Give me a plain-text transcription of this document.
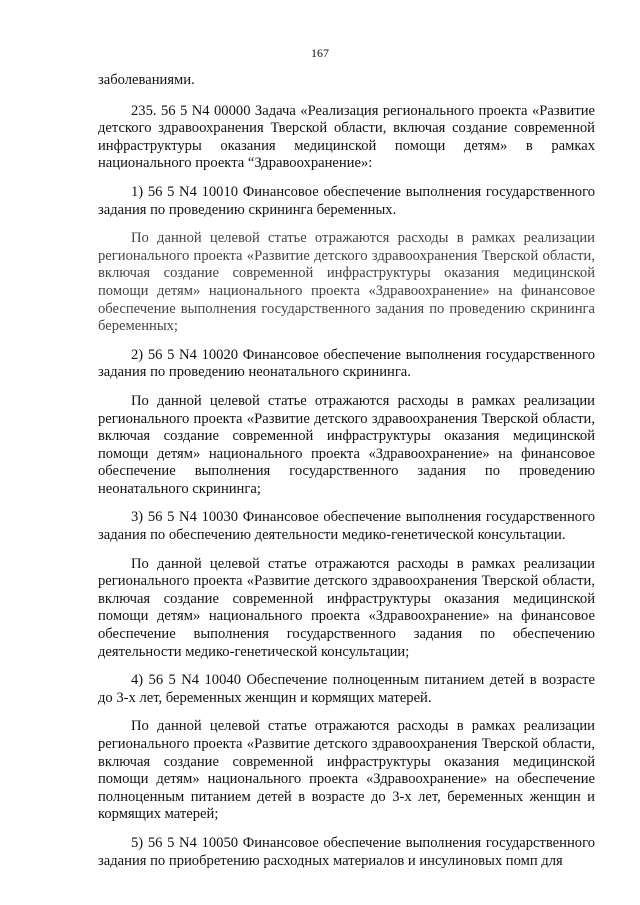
167

заболеваниями.

235. 56 5 N4 00000 Задача «Реализация регионального проекта «Развитие детского здравоохранения Тверской области, включая создание современной инфраструктуры оказания медицинской помощи детям» в рамках национального проекта “Здравоохранение»:

1) 56 5 N4 10010 Финансовое обеспечение выполнения государственного задания по проведению скрининга беременных.

По данной целевой статье отражаются расходы в рамках реализации регионального проекта «Развитие детского здравоохранения Тверской области, включая создание современной инфраструктуры оказания медицинской помощи детям» национального проекта «Здравоохранение» на финансовое обеспечение выполнения государственного задания по проведению скрининга беременных;

2) 56 5 N4 10020 Финансовое обеспечение выполнения государственного задания по проведению неонатального скрининга.

По данной целевой статье отражаются расходы в рамках реализации регионального проекта «Развитие детского здравоохранения Тверской области, включая создание современной инфраструктуры оказания медицинской помощи детям» национального проекта «Здравоохранение» на финансовое обеспечение выполнения государственного задания по проведению неонатального скрининга;

3) 56 5 N4 10030 Финансовое обеспечение выполнения государственного задания по обеспечению деятельности медико-генетической консультации.

По данной целевой статье отражаются расходы в рамках реализации регионального проекта «Развитие детского здравоохранения Тверской области, включая создание современной инфраструктуры оказания медицинской помощи детям» национального проекта «Здравоохранение» на финансовое обеспечение выполнения государственного задания по обеспечению деятельности медико-генетической консультации;

4) 56 5 N4 10040 Обеспечение полноценным питанием детей в возрасте до 3-х лет, беременных женщин и кормящих матерей.

По данной целевой статье отражаются расходы в рамках реализации регионального проекта «Развитие детского здравоохранения Тверской области, включая создание современной инфраструктуры оказания медицинской помощи детям» национального проекта «Здравоохранение» на обеспечение полноценным питанием детей в возрасте до 3-х лет, беременных женщин и кормящих матерей;

5) 56 5 N4 10050 Финансовое обеспечение выполнения государственного задания по приобретению расходных материалов и инсулиновых помп для
